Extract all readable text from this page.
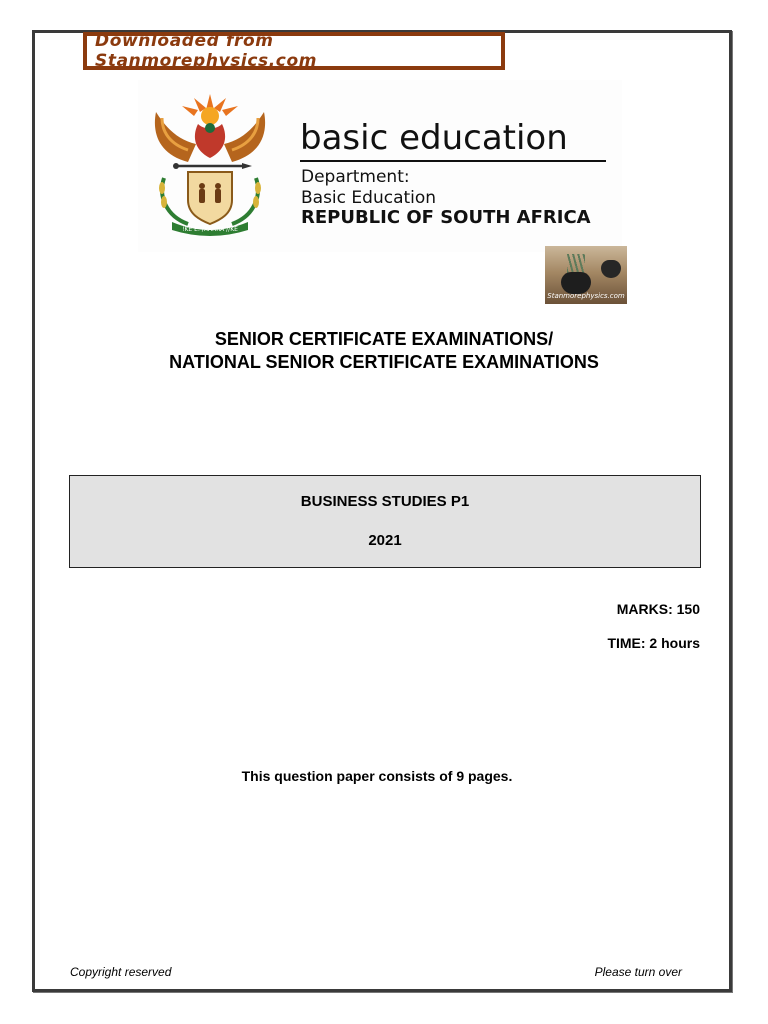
Downloaded from Stanmorephysics.com
!KE E: /XARRA //KE
basic education
Department:
Basic Education
REPUBLIC OF SOUTH AFRICA
Stanmorephysics.com
SENIOR CERTIFICATE EXAMINATIONS/
NATIONAL SENIOR CERTIFICATE EXAMINATIONS
BUSINESS STUDIES P1
2021
MARKS: 150
TIME: 2 hours
This question paper consists of 9 pages.
Copyright reserved	Please turn over
